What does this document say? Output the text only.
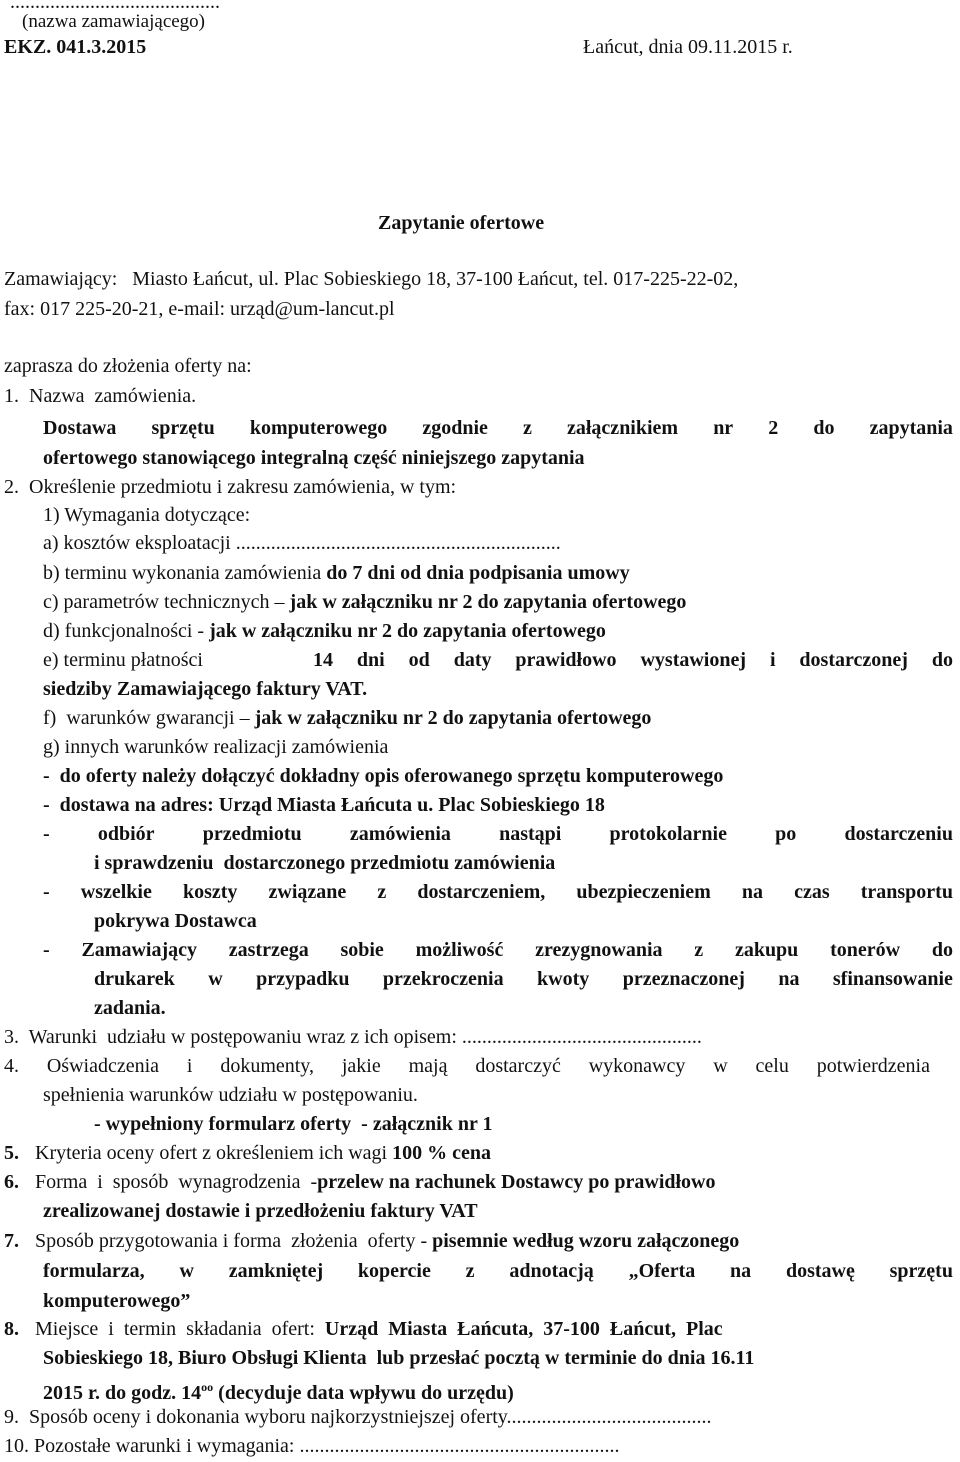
..........................................
(nazwa zamawiającego)
EKZ. 041.3.2015	Łańcut, dnia 09.11.2015 r.
Zapytanie ofertowe
Zamawiający:   Miasto Łańcut, ul. Plac Sobieskiego 18, 37-100 Łańcut, tel. 017-225-22-02,
fax: 017 225-20-21, e-mail: urząd@um-lancut.pl
zaprasza do złożenia oferty na:
1.  Nazwa  zamówienia.
Dostawa sprzętu komputerowego zgodnie z załącznikiem nr 2 do zapytania
ofertowego stanowiącego integralną część niniejszego zapytania
2.  Określenie przedmiotu i zakresu zamówienia, w tym:
1) Wymagania dotyczące:
a) kosztów eksploatacji .................................................................
b) terminu wykonania zamówienia do 7 dni od dnia podpisania umowy
c) parametrów technicznych – jak w załączniku nr 2 do zapytania ofertowego
d) funkcjonalności - jak w załączniku nr 2 do zapytania ofertowego
e) terminu płatności	14 dni od daty prawidłowo wystawionej i dostarczonej do
siedziby Zamawiającego faktury VAT.
f)  warunków gwarancji – jak w załączniku nr 2 do zapytania ofertowego
g) innych warunków realizacji zamówienia
-  do oferty należy dołączyć dokładny opis oferowanego sprzętu komputerowego
-  dostawa na adres: Urząd Miasta Łańcuta u. Plac Sobieskiego 18
- odbiór przedmiotu zamówienia nastąpi protokolarnie po dostarczeniu
i sprawdzeniu  dostarczonego przedmiotu zamówienia
- wszelkie koszty związane z dostarczeniem, ubezpieczeniem na czas transportu
pokrywa Dostawca
- Zamawiający zastrzega sobie możliwość zrezygnowania z zakupu tonerów do
drukarek w przypadku przekroczenia kwoty przeznaczonej na sfinansowanie
zadania.
3.  Warunki  udziału w postępowaniu wraz z ich opisem: ................................................
4. Oświadczenia i dokumenty, jakie mają dostarczyć wykonawcy w celu potwierdzenia
spełnienia warunków udziału w postępowaniu.
- wypełniony formularz oferty  - załącznik nr 1
5. Kryteria oceny ofert z określeniem ich wagi 100 % cena
6. Forma  i  sposób  wynagrodzenia  -przelew na rachunek Dostawcy po prawidłowo
zrealizowanej dostawie i przedłożeniu faktury VAT
7. Sposób przygotowania i forma  złożenia  oferty - pisemnie według wzoru załączonego
formularza, w zamkniętej kopercie z adnotacją „Oferta na dostawę sprzętu
komputerowego”
8. Miejsce  i  termin  składania  ofert:  Urząd  Miasta  Łańcuta,  37-100  Łańcut,  Plac
Sobieskiego 18, Biuro Obsługi Klienta  lub przesłać pocztą w terminie do dnia 16.11
2015 r. do godz. $14^{oo}$ (decyduje data wpływu do urzędu)
9.  Sposób oceny i dokonania wyboru najkorzystniejszej oferty.........................................
10. Pozostałe warunki i wymagania: ................................................................
